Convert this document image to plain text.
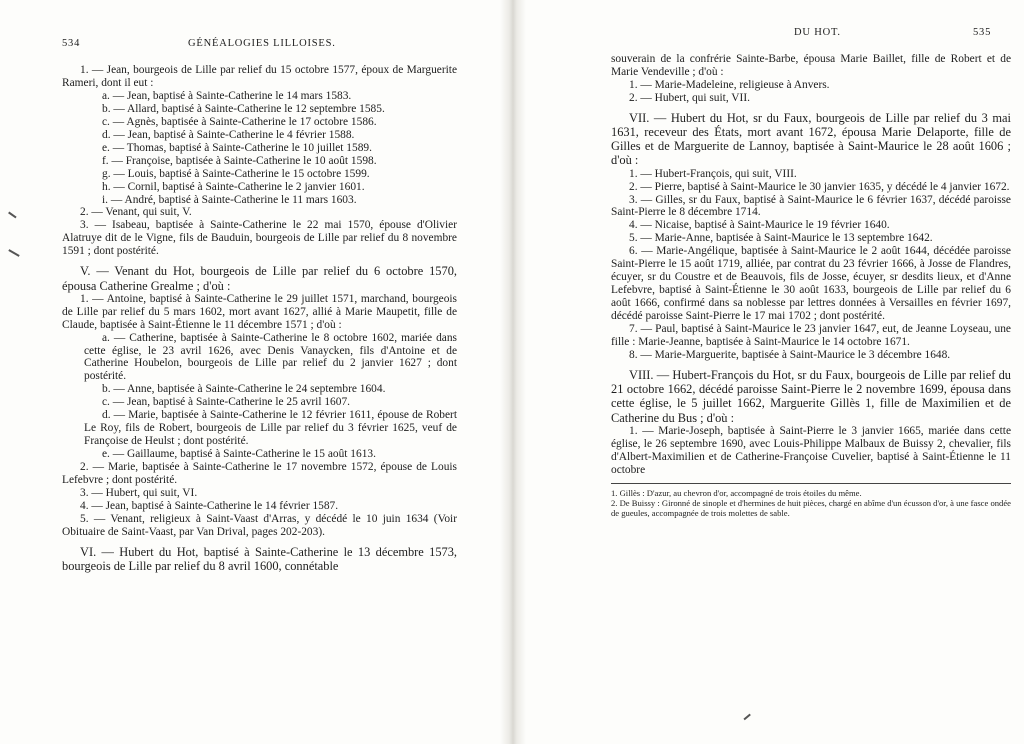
534	GÉNÉALOGIES LILLOISES.

1. — Jean, bourgeois de Lille par relief du 15 octobre 1577, époux de Marguerite Rameri, dont il eut :

a. — Jean, baptisé à Sainte-Catherine le 14 mars 1583.

b. — Allard, baptisé à Sainte-Catherine le 12 septembre 1585.

c. — Agnès, baptisée à Sainte-Catherine le 17 octobre 1586.

d. — Jean, baptisé à Sainte-Catherine le 4 février 1588.

e. — Thomas, baptisé à Sainte-Catherine le 10 juillet 1589.

f. — Françoise, baptisée à Sainte-Catherine le 10 août 1598.

g. — Louis, baptisé à Sainte-Catherine le 15 octobre 1599.

h. — Cornil, baptisé à Sainte-Catherine le 2 janvier 1601.

i. — André, baptisé à Sainte-Catherine le 11 mars 1603.

2. — Venant, qui suit, V.

3. — Isabeau, baptisée à Sainte-Catherine le 22 mai 1570, épouse d'Olivier Alatruye dit de le Vigne, fils de Bauduin, bourgeois de Lille par relief du 8 novembre 1591 ; dont postérité.

V. — Venant du Hot, bourgeois de Lille par relief du 6 octobre 1570, épousa Catherine Grealme ; d'où :

1. — Antoine, baptisé à Sainte-Catherine le 29 juillet 1571, marchand, bourgeois de Lille par relief du 5 mars 1602, mort avant 1627, allié à Marie Maupetit, fille de Claude, baptisée à Saint-Étienne le 11 décembre 1571 ; d'où :

a. — Catherine, baptisée à Sainte-Catherine le 8 octobre 1602, mariée dans cette église, le 23 avril 1626, avec Denis Vanaycken, fils d'Antoine et de Catherine Houbelon, bourgeois de Lille par relief du 2 janvier 1627 ; dont postérité.

b. — Anne, baptisée à Sainte-Catherine le 24 septembre 1604.

c. — Jean, baptisé à Sainte-Catherine le 25 avril 1607.

d. — Marie, baptisée à Sainte-Catherine le 12 février 1611, épouse de Robert Le Roy, fils de Robert, bourgeois de Lille par relief du 3 février 1625, veuf de Françoise de Heulst ; dont postérité.

e. — Gaillaume, baptisé à Sainte-Catherine le 15 août 1613.

2. — Marie, baptisée à Sainte-Catherine le 17 novembre 1572, épouse de Louis Lefebvre ; dont postérité.

3. — Hubert, qui suit, VI.

4. — Jean, baptisé à Sainte-Catherine le 14 février 1587.

5. — Venant, religieux à Saint-Vaast d'Arras, y décédé le 10 juin 1634 (Voir Obituaire de Saint-Vaast, par Van Drival, pages 202-203).

VI. — Hubert du Hot, baptisé à Sainte-Catherine le 13 décembre 1573, bourgeois de Lille par relief du 8 avril 1600, connétable

DU HOT.	535

souverain de la confrérie Sainte-Barbe, épousa Marie Baillet, fille de Robert et de Marie Vendeville ; d'où :

1. — Marie-Madeleine, religieuse à Anvers.

2. — Hubert, qui suit, VII.

VII. — Hubert du Hot, sr du Faux, bourgeois de Lille par relief du 3 mai 1631, receveur des États, mort avant 1672, épousa Marie Delaporte, fille de Gilles et de Marguerite de Lannoy, baptisée à Saint-Maurice le 28 août 1606 ; d'où :

1. — Hubert-François, qui suit, VIII.

2. — Pierre, baptisé à Saint-Maurice le 30 janvier 1635, y décédé le 4 janvier 1672.

3. — Gilles, sr du Faux, baptisé à Saint-Maurice le 6 février 1637, décédé paroisse Saint-Pierre le 8 décembre 1714.

4. — Nicaise, baptisé à Saint-Maurice le 19 février 1640.

5. — Marie-Anne, baptisée à Saint-Maurice le 13 septembre 1642.

6. — Marie-Angélique, baptisée à Saint-Maurice le 2 août 1644, décédée paroisse Saint-Pierre le 15 août 1719, alliée, par contrat du 23 février 1666, à Josse de Flandres, écuyer, sr du Coustre et de Beauvois, fils de Josse, écuyer, sr desdits lieux, et d'Anne Lefebvre, baptisé à Saint-Étienne le 30 août 1633, bourgeois de Lille par relief du 6 août 1666, confirmé dans sa noblesse par lettres données à Versailles en février 1697, décédé paroisse Saint-Pierre le 17 mai 1702 ; dont postérité.

7. — Paul, baptisé à Saint-Maurice le 23 janvier 1647, eut, de Jeanne Loyseau, une fille : Marie-Jeanne, baptisée à Saint-Maurice le 14 octobre 1671.

8. — Marie-Marguerite, baptisée à Saint-Maurice le 3 décembre 1648.

VIII. — Hubert-François du Hot, sr du Faux, bourgeois de Lille par relief du 21 octobre 1662, décédé paroisse Saint-Pierre le 2 novembre 1699, épousa dans cette église, le 5 juillet 1662, Marguerite Gillès 1, fille de Maximilien et de Catherine du Bus ; d'où :

1. — Marie-Joseph, baptisée à Saint-Pierre le 3 janvier 1665, mariée dans cette église, le 26 septembre 1690, avec Louis-Philippe Malbaux de Buissy 2, chevalier, fils d'Albert-Maximilien et de Catherine-Françoise Cuvelier, baptisé à Saint-Étienne le 11 octobre

1. Gillès : D'azur, au chevron d'or, accompagné de trois étoiles du même.

2. De Buissy : Gironné de sinople et d'hermines de huit pièces, chargé en abîme d'un écusson d'or, à une fasce ondée de gueules, accompagnée de trois molettes de sable.
